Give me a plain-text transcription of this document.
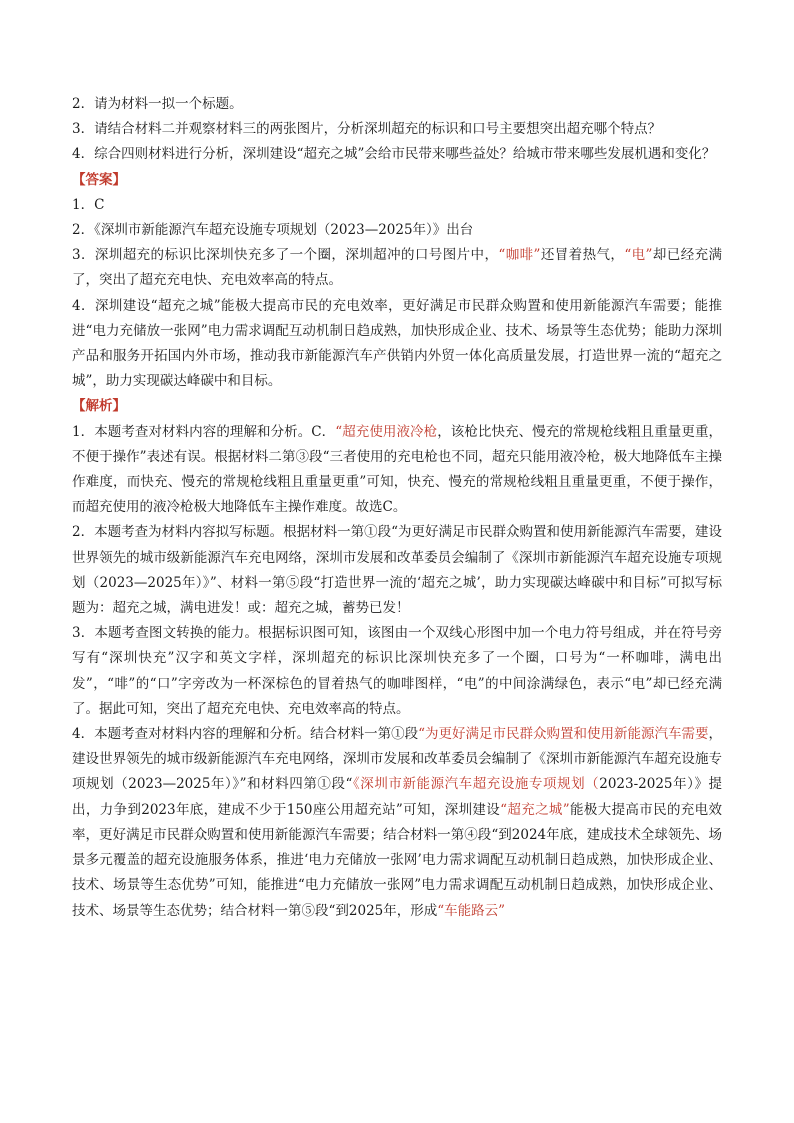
2．请为材料一拟一个标题。

3．请结合材料二并观察材料三的两张图片，分析深圳超充的标识和口号主要想突出超充哪个特点？

4．综合四则材料进行分析，深圳建设“超充之城”会给市民带来哪些益处？给城市带来哪些发展机遇和变化？

【答案】

1．C

2．《深圳市新能源汽车超充设施专项规划（2023—2025年）》出台

3．深圳超充的标识比深圳快充多了一个圈，深圳超冲的口号图片中，“咖啡”还冒着热气，“电”却已经充满了，突出了超充充电快、充电效率高的特点。

4．深圳建设“超充之城”能极大提高市民的充电效率，更好满足市民群众购置和使用新能源汽车需要；能推进“电力充储放一张网”电力需求调配互动机制日趋成熟，加快形成企业、技术、场景等生态优势；能助力深圳产品和服务开拓国内外市场，推动我市新能源汽车产供销内外贸一体化高质量发展，打造世界一流的“超充之城”，助力实现碳达峰碳中和目标。

【解析】

1．本题考查对材料内容的理解和分析。C．“超充使用液冷枪，该枪比快充、慢充的常规枪线粗且重量更重，不便于操作”表述有误。根据材料二第③段“三者使用的充电枪也不同，超充只能用液冷枪，极大地降低车主操作难度，而快充、慢充的常规枪线粗且重量更重”可知，快充、慢充的常规枪线粗且重量更重，不便于操作，而超充使用的液冷枪极大地降低车主操作难度。故选C。

2．本题考查为材料内容拟写标题。根据材料一第①段“为更好满足市民群众购置和使用新能源汽车需要，建设世界领先的城市级新能源汽车充电网络，深圳市发展和改革委员会编制了《深圳市新能源汽车超充设施专项规划（2023—2025年）》”、材料一第⑤段“打造世界一流的‘超充之城’，助力实现碳达峰碳中和目标”可拟写标题为：超充之城，满电进发！或：超充之城，蓄势已发！

3．本题考查图文转换的能力。根据标识图可知，该图由一个双线心形图中加一个电力符号组成，并在符号旁写有“深圳快充”汉字和英文字样，深圳超充的标识比深圳快充多了一个圈，口号为“一杯咖啡，满电出发”，“啡”的“口”字旁改为一杯深棕色的冒着热气的咖啡图样，“电”的中间涂满绿色，表示“电”却已经充满了。据此可知，突出了超充充电快、充电效率高的特点。

4．本题考查对材料内容的理解和分析。结合材料一第①段“为更好满足市民群众购置和使用新能源汽车需要，建设世界领先的城市级新能源汽车充电网络，深圳市发展和改革委员会编制了《深圳市新能源汽车超充设施专项规划（2023—2025年）》”和材料四第①段“《深圳市新能源汽车超充设施专项规划（2023-2025年）》提出，力争到2023年底，建成不少于150座公用超充站”可知，深圳建设“超充之城”能极大提高市民的充电效率，更好满足市民群众购置和使用新能源汽车需要；结合材料一第④段“到2024年底，建成技术全球领先、场景多元覆盖的超充设施服务体系，推进‘电力充储放一张网’电力需求调配互动机制日趋成熟，加快形成企业、技术、场景等生态优势”可知，能推进“电力充储放一张网”电力需求调配互动机制日趋成熟，加快形成企业、技术、场景等生态优势；结合材料一第⑤段“到2025年，形成“车能路云”
